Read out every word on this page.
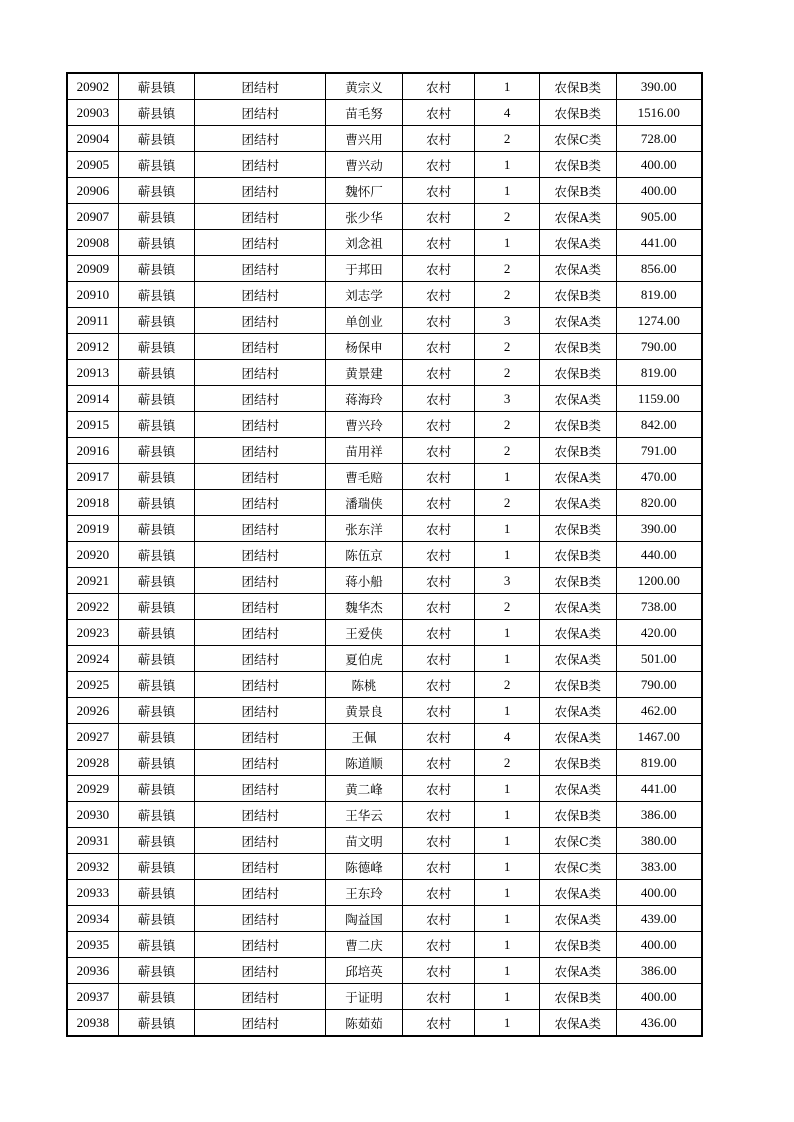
20902	蕲县镇	团结村	黄宗义	农村	1	农保B类	390.00
20903	蕲县镇	团结村	苗毛努	农村	4	农保B类	1516.00
20904	蕲县镇	团结村	曹兴用	农村	2	农保C类	728.00
20905	蕲县镇	团结村	曹兴动	农村	1	农保B类	400.00
20906	蕲县镇	团结村	魏怀厂	农村	1	农保B类	400.00
20907	蕲县镇	团结村	张少华	农村	2	农保A类	905.00
20908	蕲县镇	团结村	刘念祖	农村	1	农保A类	441.00
20909	蕲县镇	团结村	于邦田	农村	2	农保A类	856.00
20910	蕲县镇	团结村	刘志学	农村	2	农保B类	819.00
20911	蕲县镇	团结村	单创业	农村	3	农保A类	1274.00
20912	蕲县镇	团结村	杨保申	农村	2	农保B类	790.00
20913	蕲县镇	团结村	黄景建	农村	2	农保B类	819.00
20914	蕲县镇	团结村	蒋海玲	农村	3	农保A类	1159.00
20915	蕲县镇	团结村	曹兴玲	农村	2	农保B类	842.00
20916	蕲县镇	团结村	苗用祥	农村	2	农保B类	791.00
20917	蕲县镇	团结村	曹毛赔	农村	1	农保A类	470.00
20918	蕲县镇	团结村	潘瑞侠	农村	2	农保A类	820.00
20919	蕲县镇	团结村	张东洋	农村	1	农保B类	390.00
20920	蕲县镇	团结村	陈伍京	农村	1	农保B类	440.00
20921	蕲县镇	团结村	蒋小船	农村	3	农保B类	1200.00
20922	蕲县镇	团结村	魏华杰	农村	2	农保A类	738.00
20923	蕲县镇	团结村	王爱侠	农村	1	农保A类	420.00
20924	蕲县镇	团结村	夏伯虎	农村	1	农保A类	501.00
20925	蕲县镇	团结村	陈桃	农村	2	农保B类	790.00
20926	蕲县镇	团结村	黄景良	农村	1	农保A类	462.00
20927	蕲县镇	团结村	王佩	农村	4	农保A类	1467.00
20928	蕲县镇	团结村	陈道顺	农村	2	农保B类	819.00
20929	蕲县镇	团结村	黄二峰	农村	1	农保A类	441.00
20930	蕲县镇	团结村	王华云	农村	1	农保B类	386.00
20931	蕲县镇	团结村	苗文明	农村	1	农保C类	380.00
20932	蕲县镇	团结村	陈德峰	农村	1	农保C类	383.00
20933	蕲县镇	团结村	王东玲	农村	1	农保A类	400.00
20934	蕲县镇	团结村	陶益国	农村	1	农保A类	439.00
20935	蕲县镇	团结村	曹二庆	农村	1	农保B类	400.00
20936	蕲县镇	团结村	邱培英	农村	1	农保A类	386.00
20937	蕲县镇	团结村	于证明	农村	1	农保B类	400.00
20938	蕲县镇	团结村	陈茹茹	农村	1	农保A类	436.00
